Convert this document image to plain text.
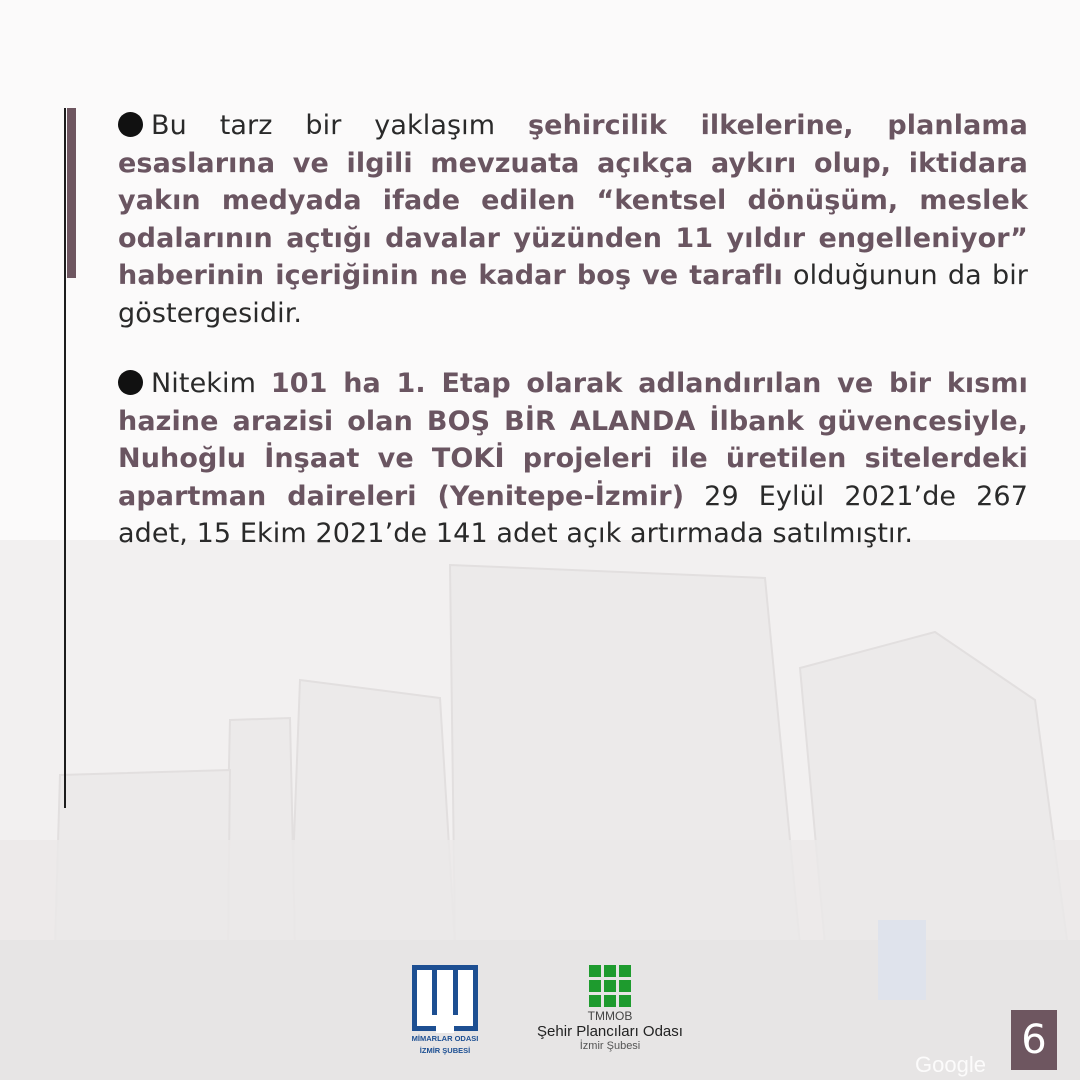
Bu tarz bir yaklaşım şehircilik ilkelerine, planlama esaslarına ve ilgili mevzuata açıkça aykırı olup, iktidara yakın medyada ifade edilen “kentsel dönüşüm, meslek odalarının açtığı davalar yüzünden 11 yıldır engelleniyor” haberinin içeriğinin ne kadar boş ve taraflı olduğunun da bir göstergesidir.

Nitekim 101 ha 1. Etap olarak adlandırılan ve bir kısmı hazine arazisi olan BOŞ BİR ALANDA İlbank güvencesiyle, Nuhoğlu İnşaat ve TOKİ projeleri ile üretilen sitelerdeki apartman daireleri (Yenitepe-İzmir) 29 Eylül 2021’de 267 adet, 15 Ekim 2021’de 141 adet açık artırmada satılmıştır.

MİMARLAR ODASI
İZMİR ŞUBESİ
TMMOB
Şehir Plancıları Odası
İzmir Şubesi
Google
6
